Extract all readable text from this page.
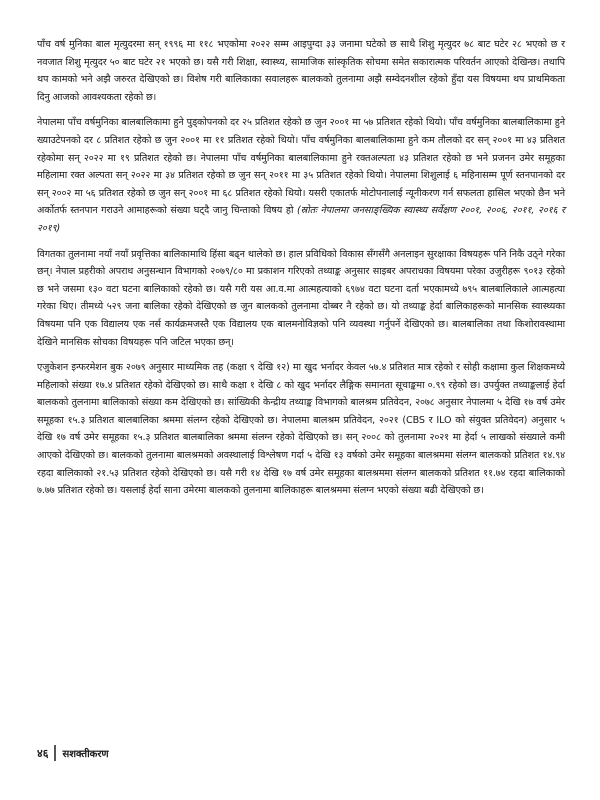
पाँच वर्ष मुनिका बाल मृत्युदरमा सन् १९९६ मा ११८ भएकोमा २०२२ सम्म आइपुग्दा ३३ जनामा घटेको छ साथै शिशु मृत्युदर ७८ बाट घटेर २८ भएको छ र नवजात शिशु मृत्युदर ५० बाट घटेर २१ भएको छ। यसै गरी शिक्षा, स्वास्थ्य, सामाजिक सांस्कृतिक सोचमा समेत सकारात्मक परिवर्तन आएको देखिन्छ। तथापि थप कामको भने अझै जरुरत देखिएको छ। विशेष गरी बालिकाका सवालहरू बालकको तुलनामा अझै सम्वेदनशील रहेको हुँदा यस विषयमा थप प्राथमिकता दिनु आजको आवश्यकता रहेको छ।

नेपालमा पाँच वर्षमुनिका बालबालिकामा हुने पुड्कोपनको दर २५ प्रतिशत रहेको छ जुन २००१ मा ५७ प्रतिशत रहेको थियो। पाँच वर्षमुनिका बालबालिकामा हुने ख्याउटेपनको दर ८ प्रतिशत रहेको छ जुन २००१ मा ११ प्रतिशत रहेको थियो। पाँच वर्षमुनिका बालबालिकामा हुने कम तौलको दर सन् २००१ मा ४३ प्रतिशत रहेकोमा सन् २०२२ मा १९ प्रतिशत रहेको छ। नेपालमा पाँच वर्षमुनिका बालबालिकामा हुने रक्तअल्पता ४३ प्रतिशत रहेको छ भने प्रजनन उमेर समूहका महिलामा रक्त अल्पता सन् २०२२ मा ३४ प्रतिशत रहेको छ जुन सन् २०११ मा ३५ प्रतिशत रहेको थियो। नेपालमा शिशुलाई ६ महिनासम्म पूर्ण स्तनपानको दर सन् २००२ मा ५६ प्रतिशत रहेको छ जुन सन् २००१ मा ६८ प्रतिशत रहेको थियो। यसरी एकातर्फ मोटोपनालाई न्यूनीकरण गर्न सफलता हासिल भएको छैन भने अर्कोतर्फ स्तनपान गराउने आमाहरूको संख्या घट्दै जानु चिन्ताको विषय हो (स्रोतः नेपालमा जनसाङ्ख्यिक स्वास्थ्य सर्वेक्षण २००१, २००६, २०११, २०१६ र २०१९)

विगतका तुलनामा नयाँ नयाँ प्रवृत्तिका बालिकामाथि हिंसा बढ्न थालेको छ। हाल प्रविधिको विकास सँगसँगै अनलाइन सुरक्षाका विषयहरू पनि निकै उठ्ने गरेका छन्। नेपाल प्रहरीको अपराध अनुसन्धान विभागको २०७९/८० मा प्रकाशन गरिएको तथ्याङ्क अनुसार साइबर अपराधका विषयमा परेका उजुरीहरू ९०१३ रहेको छ भने जसमा १३० वटा घटना बालिकाको रहेको छ। यसै गरी यस आ.व.मा आत्महत्याको ६९७४ वटा घटना दर्ता भएकामध्ये ७९५ बालबालिकाले आत्महत्या गरेका थिए। तीमध्ये ५२९ जना बालिका रहेको देखिएको छ जुन बालकको तुलनामा दोब्बर नै रहेको छ। यो तथ्याङ्क हेर्दा बालिकाहरूको मानसिक स्वास्थ्यका विषयमा पनि एक विद्यालय एक नर्स कार्यक्रमजस्तै एक विद्यालय एक बालमनोविज्ञको पनि व्यवस्था गर्नुपर्ने देखिएको छ। बालबालिका तथा किशोरावस्थामा देखिने मानसिक सोचका विषयहरू पनि जटिल भएका छन्।

एजुकेशन इन्फरमेशन बुक २०७९ अनुसार माध्यमिक तह (कक्षा ९ देखि १२) मा खुद भर्नादर केवल ५७.४ प्रतिशत मात्र रहेको र सोही कक्षामा कुल शिक्षकमध्ये महिलाको संख्या १७.४ प्रतिशत रहेको देखिएको छ। साथै कक्षा १ देखि ८ को खुद भर्नादर लैङ्गिक समानता सूचाङ्कमा ०.९९ रहेको छ। उपर्युक्त तथ्याङ्कलाई हेर्दा बालकको तुलनामा बालिकाको संख्या कम देखिएको छ। सांख्यिकी केन्द्रीय तथ्याङ्क विभागको बालश्रम प्रतिवेदन, २०७८ अनुसार नेपालमा ५ देखि १७ वर्ष उमेर समूहका १५.३ प्रतिशत बालबालिका श्रममा संलग्न रहेको देखिएको छ। नेपालमा बालश्रम प्रतिवेदन, २०२१ (CBS र ILO को संयुक्त प्रतिवेदन) अनुसार ५ देखि १७ वर्ष उमेर समूहका १५.३ प्रतिशत बालबालिका श्रममा संलग्न रहेको देखिएको छ। सन् २००८ को तुलनामा २०२१ मा हेर्दा ५ लाखको संख्याले कमी आएको देखिएको छ। बालकको तुलनामा बालश्रमको अवस्थालाई विश्लेषण गर्दा ५ देखि १३ वर्षको उमेर समूहका बालश्रममा संलग्न बालकको प्रतिशत १४.९४ रहदा बालिकाको २१.५३ प्रतिशत रहेको देखिएको छ। यसै गरी १४ देखि १७ वर्ष उमेर समूहका बालश्रममा संलग्न बालकको प्रतिशत ११.७४ रहदा बालिकाको ७.७७ प्रतिशत रहेको छ। यसलाई हेर्दा साना उमेरमा बालकको तुलनामा बालिकाहरू बालश्रममा संलग्न भएको संख्या बढी देखिएको छ।

४६	सशक्तीकरण
